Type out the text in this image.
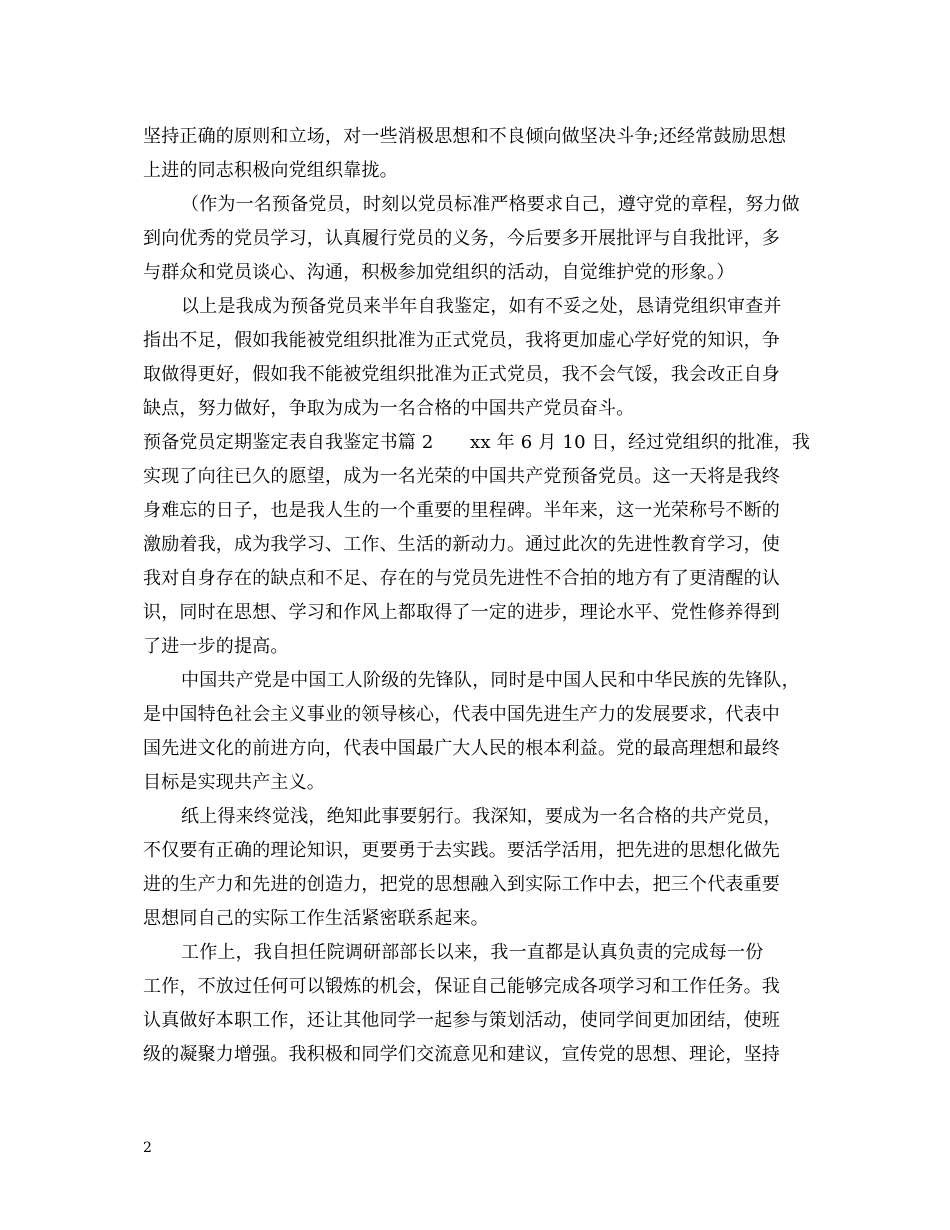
坚持正确的原则和立场，对一些消极思想和不良倾向做坚决斗争;还经常鼓励思想
上进的同志积极向党组织靠拢。
（作为一名预备党员，时刻以党员标准严格要求自己，遵守党的章程，努力做
到向优秀的党员学习，认真履行党员的义务，今后要多开展批评与自我批评，多
与群众和党员谈心、沟通，积极参加党组织的活动，自觉维护党的形象。）
以上是我成为预备党员来半年自我鉴定，如有不妥之处，恳请党组织审查并
指出不足，假如我能被党组织批准为正式党员，我将更加虚心学好党的知识，争
取做得更好，假如我不能被党组织批准为正式党员，我不会气馁，我会改正自身
缺点，努力做好，争取为成为一名合格的中国共产党员奋斗。
预备党员定期鉴定表自我鉴定书篇 2　　xx 年 6 月 10 日，经过党组织的批准，我
实现了向往已久的愿望，成为一名光荣的中国共产党预备党员。这一天将是我终
身难忘的日子，也是我人生的一个重要的里程碑。半年来，这一光荣称号不断的
激励着我，成为我学习、工作、生活的新动力。通过此次的先进性教育学习，使
我对自身存在的缺点和不足、存在的与党员先进性不合拍的地方有了更清醒的认
识，同时在思想、学习和作风上都取得了一定的进步，理论水平、党性修养得到
了进一步的提高。
中国共产党是中国工人阶级的先锋队，同时是中国人民和中华民族的先锋队，
是中国特色社会主义事业的领导核心，代表中国先进生产力的发展要求，代表中
国先进文化的前进方向，代表中国最广大人民的根本利益。党的最高理想和最终
目标是实现共产主义。
纸上得来终觉浅，绝知此事要躬行。我深知，要成为一名合格的共产党员，
不仅要有正确的理论知识，更要勇于去实践。要活学活用，把先进的思想化做先
进的生产力和先进的创造力，把党的思想融入到实际工作中去，把三个代表重要
思想同自己的实际工作生活紧密联系起来。
工作上，我自担任院调研部部长以来，我一直都是认真负责的完成每一份
工作，不放过任何可以锻炼的机会，保证自己能够完成各项学习和工作任务。我
认真做好本职工作，还让其他同学一起参与策划活动，使同学间更加团结，使班
级的凝聚力增强。我积极和同学们交流意见和建议，宣传党的思想、理论，坚持
2
